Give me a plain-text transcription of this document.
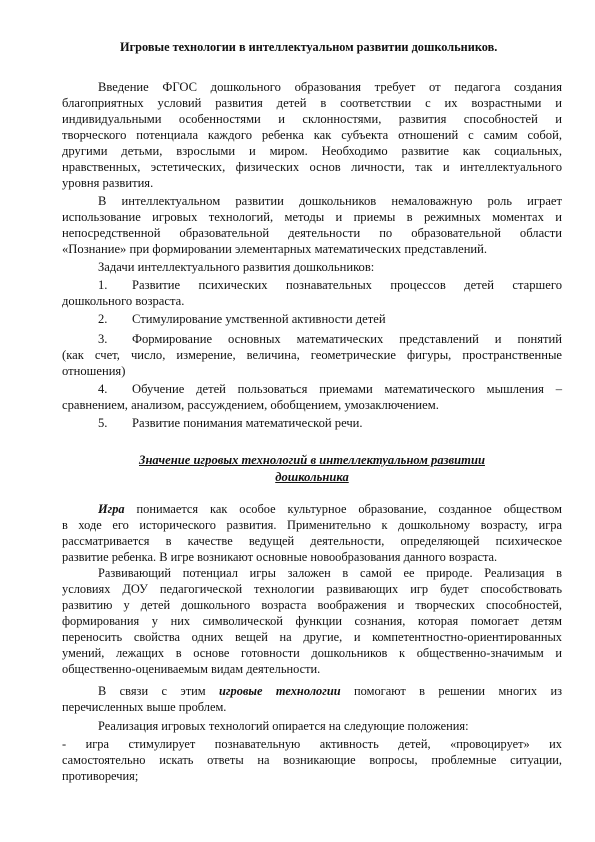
Игровые технологии в интеллектуальном развитии дошкольников.
Введение ФГОС дошкольного образования требует от педагога создания
благоприятных условий развития детей в соответствии с их возрастными и
индивидуальными особенностями и склонностями, развития способностей и
творческого потенциала каждого ребенка как субъекта отношений с самим собой,
другими детьми, взрослыми и миром. Необходимо развитие как социальных,
нравственных, эстетических, физических основ личности, так и интеллектуального
уровня развития.
В интеллектуальном развитии дошкольников немаловажную роль играет
использование игровых технологий, методы и приемы в режимных моментах и
непосредственной образовательной деятельности по образовательной области
«Познание» при формировании элементарных математических представлений.
Задачи интеллектуального развития дошкольников:
1.	Развитие психических познавательных процессов детей старшего
дошкольного возраста.
2.	Стимулирование умственной активности детей
3.	Формирование основных математических представлений и понятий
(как счет, число, измерение, величина, геометрические фигуры, пространственные
отношения)
4.	Обучение детей пользоваться приемами математического мышления –
сравнением, анализом, рассуждением, обобщением, умозаключением.
5.	Развитие понимания математической речи.
Значение игровых технологий в интеллектуальном развитии
дошкольника
Игра понимается как особое культурное образование, созданное обществом
в ходе его исторического развития. Применительно к дошкольному возрасту, игра
рассматривается в качестве ведущей деятельности, определяющей психическое
развитие ребенка. В игре возникают основные новообразования данного возраста.
Развивающий потенциал игры заложен в самой ее природе. Реализация в
условиях ДОУ педагогической технологии развивающих игр будет способствовать
развитию у детей дошкольного возраста воображения и творческих способностей,
формирования у них символической функции сознания, которая помогает детям
переносить свойства одних вещей на другие, и компетентностно-ориентированных
умений, лежащих в основе готовности дошкольников к общественно-значимым и
общественно-оцениваемым видам деятельности.
В связи с этим игровые технологии помогают в решении многих из
перечисленных выше проблем.
Реализация игровых технологий опирается на следующие положения:
- игра стимулирует познавательную активность детей, «провоцирует» их
самостоятельно искать ответы на возникающие вопросы, проблемные ситуации,
противоречия;
